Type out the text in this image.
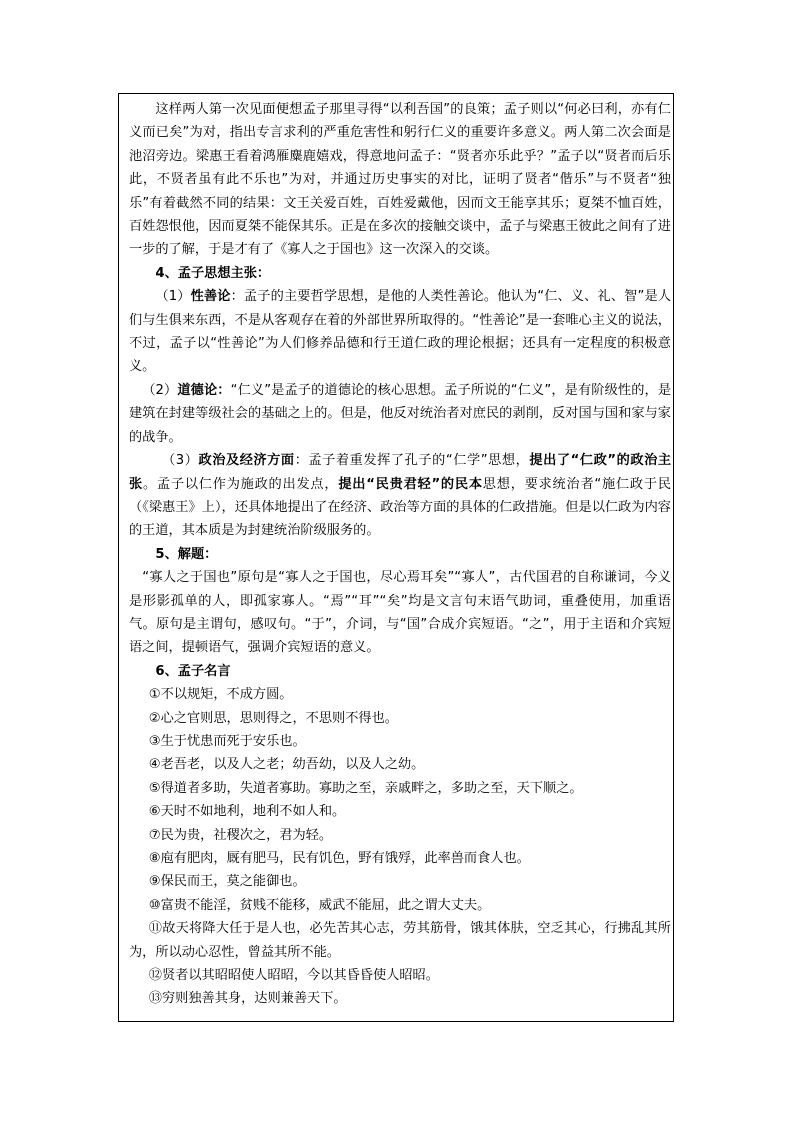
这样两人第一次见面便想孟子那里寻得“以利吾国”的良策；孟子则以“何必曰利，亦有仁义而已矣”为对，指出专言求利的严重危害性和躬行仁义的重要许多意义。两人第二次会面是池沼旁边。梁惠王看着鸿雁麋鹿嬉戏，得意地问孟子：“贤者亦乐此乎？”孟子以“贤者而后乐此，不贤者虽有此不乐也”为对，并通过历史事实的对比，证明了贤者“偕乐”与不贤者“独乐”有着截然不同的结果：文王关爱百姓，百姓爱戴他，因而文王能享其乐；夏桀不恤百姓，百姓怨恨他，因而夏桀不能保其乐。正是在多次的接触交谈中，孟子与梁惠王彼此之间有了进一步的了解，于是才有了《寡人之于国也》这一次深入的交谈。

4、孟子思想主张：

（1）性善论：孟子的主要哲学思想，是他的人类性善论。他认为“仁、义、礼、智”是人们与生俱来东西，不是从客观存在着的外部世界所取得的。“性善论”是一套唯心主义的说法，不过，孟子以“性善论”为人们修养品德和行王道仁政的理论根据；还具有一定程度的积极意义。

（2）道德论：“仁义”是孟子的道德论的核心思想。孟子所说的“仁义”，是有阶级性的，是建筑在封建等级社会的基础之上的。但是，他反对统治者对庶民的剥削，反对国与国和家与家的战争。

（3）政治及经济方面：孟子着重发挥了孔子的“仁学”思想，提出了“仁政”的政治主张。孟子以仁作为施政的出发点，提出“民贵君轻”的民本思想，要求统治者“施仁政于民（《梁惠王》上），还具体地提出了在经济、政治等方面的具体的仁政措施。但是以仁政为内容的王道，其本质是为封建统治阶级服务的。

5、解题：

“寡人之于国也”原句是“寡人之于国也，尽心焉耳矣”“寡人”，古代国君的自称谦词，今义是形影孤单的人，即孤家寡人。“焉”“耳”“矣”均是文言句末语气助词，重叠使用，加重语气。原句是主谓句，感叹句。“于”，介词，与“国”合成介宾短语。“之”，用于主语和介宾短语之间，提顿语气，强调介宾短语的意义。

6、孟子名言

①不以规矩，不成方圆。

②心之官则思，思则得之，不思则不得也。

③生于忧患而死于安乐也。

④老吾老，以及人之老；幼吾幼，以及人之幼。

⑤得道者多助，失道者寡助。寡助之至，亲戚畔之，多助之至，天下顺之。

⑥天时不如地利，地利不如人和。

⑦民为贵，社稷次之，君为轻。

⑧庖有肥肉，厩有肥马，民有饥色，野有饿殍，此率兽而食人也。

⑨保民而王，莫之能御也。

⑩富贵不能淫，贫贱不能移，威武不能屈，此之谓大丈夫。

⑪故天将降大任于是人也，必先苦其心志，劳其筋骨，饿其体肤，空乏其心，行拂乱其所为，所以动心忍性，曾益其所不能。

⑫贤者以其昭昭使人昭昭，今以其昏昏使人昭昭。

⑬穷则独善其身，达则兼善天下。
